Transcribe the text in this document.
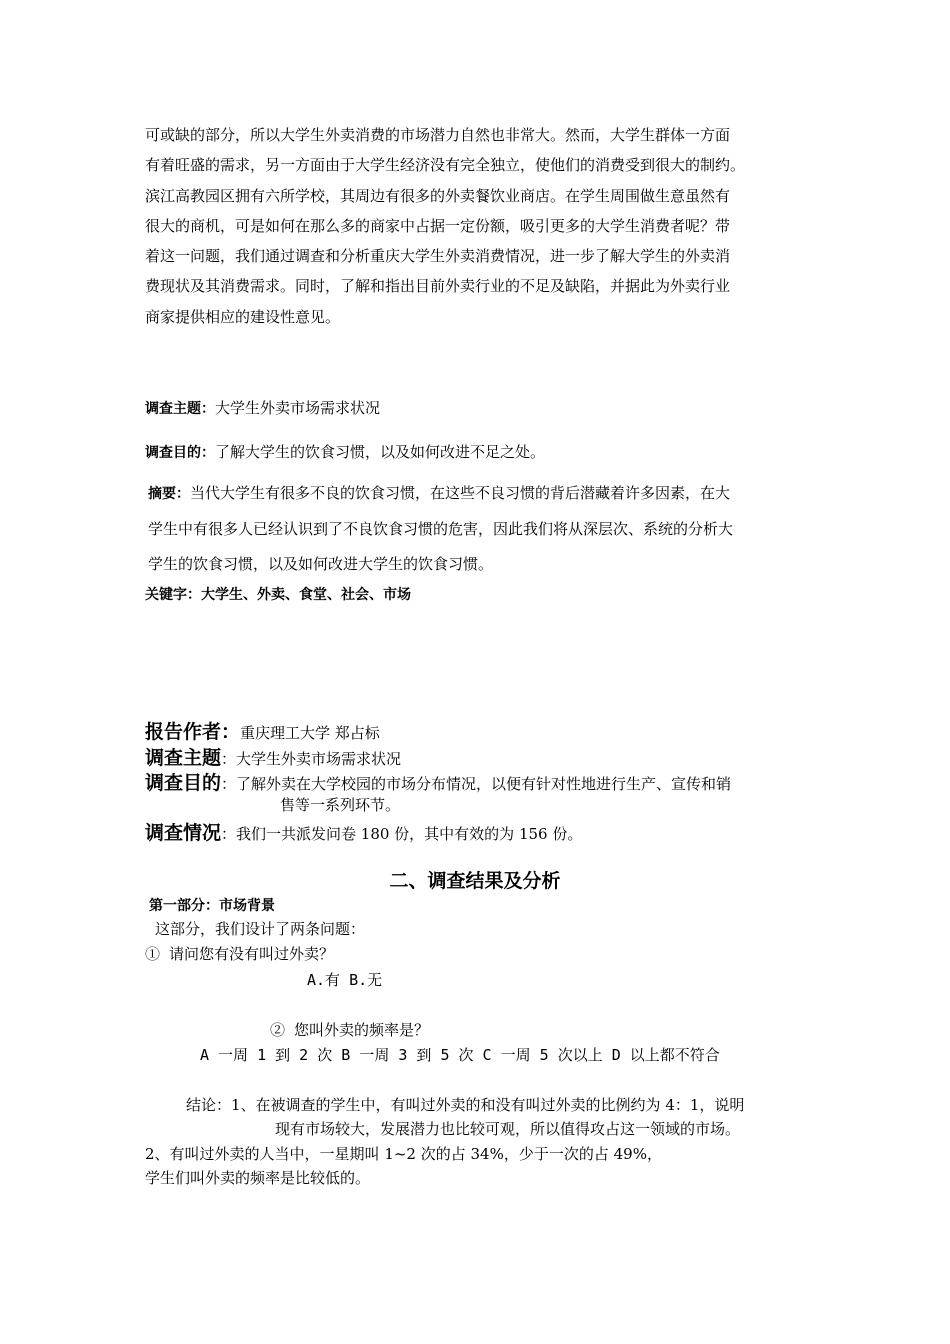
可或缺的部分，所以大学生外卖消费的市场潜力自然也非常大。然而，大学生群体一方面
有着旺盛的需求，另一方面由于大学生经济没有完全独立，使他们的消费受到很大的制约。
滨江高教园区拥有六所学校，其周边有很多的外卖餐饮业商店。在学生周围做生意虽然有
很大的商机，可是如何在那么多的商家中占据一定份额，吸引更多的大学生消费者呢？带
着这一问题，我们通过调查和分析重庆大学生外卖消费情况，进一步了解大学生的外卖消
费现状及其消费需求。同时，了解和指出目前外卖行业的不足及缺陷，并据此为外卖行业
商家提供相应的建设性意见。
调查主题：大学生外卖市场需求状况
调查目的：了解大学生的饮食习惯，以及如何改进不足之处。
摘要：当代大学生有很多不良的饮食习惯，在这些不良习惯的背后潜藏着许多因素，在大
学生中有很多人已经认识到了不良饮食习惯的危害，因此我们将从深层次、系统的分析大
学生的饮食习惯，以及如何改进大学生的饮食习惯。
关键字：大学生、外卖、食堂、社会、市场
报告作者：重庆理工大学 郑占标
调查主题：大学生外卖市场需求状况
调查目的：了解外卖在大学校园的市场分布情况，以便有针对性地进行生产、宣传和销
售等一系列环节。
调查情况：我们一共派发问卷 180 份，其中有效的为 156 份。
二、调查结果及分析
第一部分：市场背景
这部分，我们设计了两条问题：
① 请问您有没有叫过外卖？
A.有 B.无
② 您叫外卖的频率是？
A 一周 1 到 2 次 B 一周 3 到 5 次 C 一周 5 次以上 D 以上都不符合
结论：1、在被调查的学生中，有叫过外卖的和没有叫过外卖的比例约为 4：1，说明
现有市场较大，发展潜力也比较可观，所以值得攻占这一领域的市场。
2、有叫过外卖的人当中，一星期叫 1~2 次的占 34%，少于一次的占 49%，
学生们叫外卖的频率是比较低的。
